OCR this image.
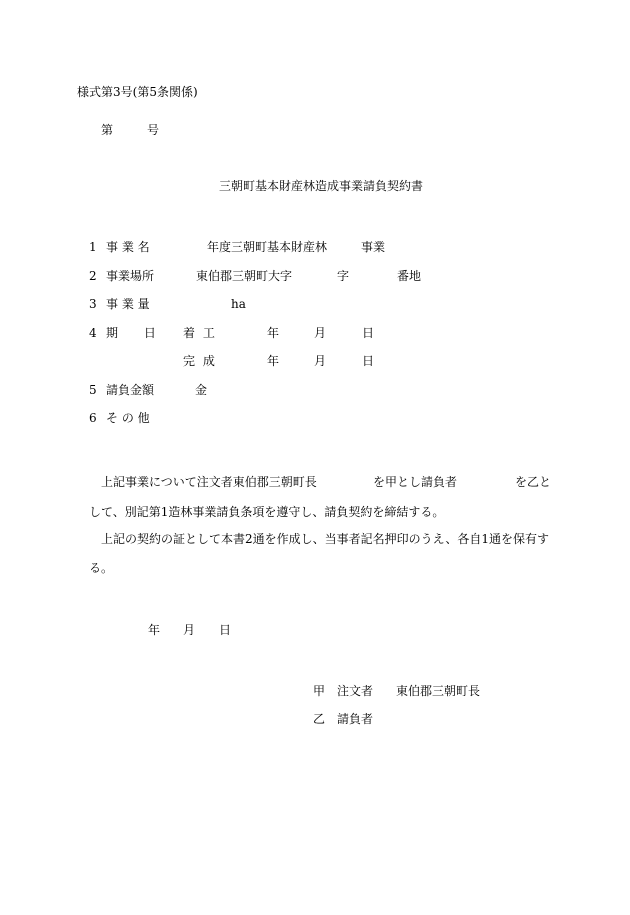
様式第3号(第5条関係)
第	号
三朝町基本財産林造成事業請負契約書
1 事 業 名	年度三朝町基本財産林	事業
2 事業場所	東伯郡三朝町大字	字	番地
3 事 業 量	ha
4 期 日 着 工	年	月	日
完 成	年	月	日
5 請負金額	金
6 そ の 他
上記事業について注文者東伯郡三朝町長	を甲とし請負者	を乙と
して、別記第1造林事業請負条項を遵守し、請負契約を締結する。
上記の契約の証として本書2通を作成し、当事者記名押印のうえ、各自1通を保有す
る。
年 月 日
甲 注文者 東伯郡三朝町長
乙 請負者
